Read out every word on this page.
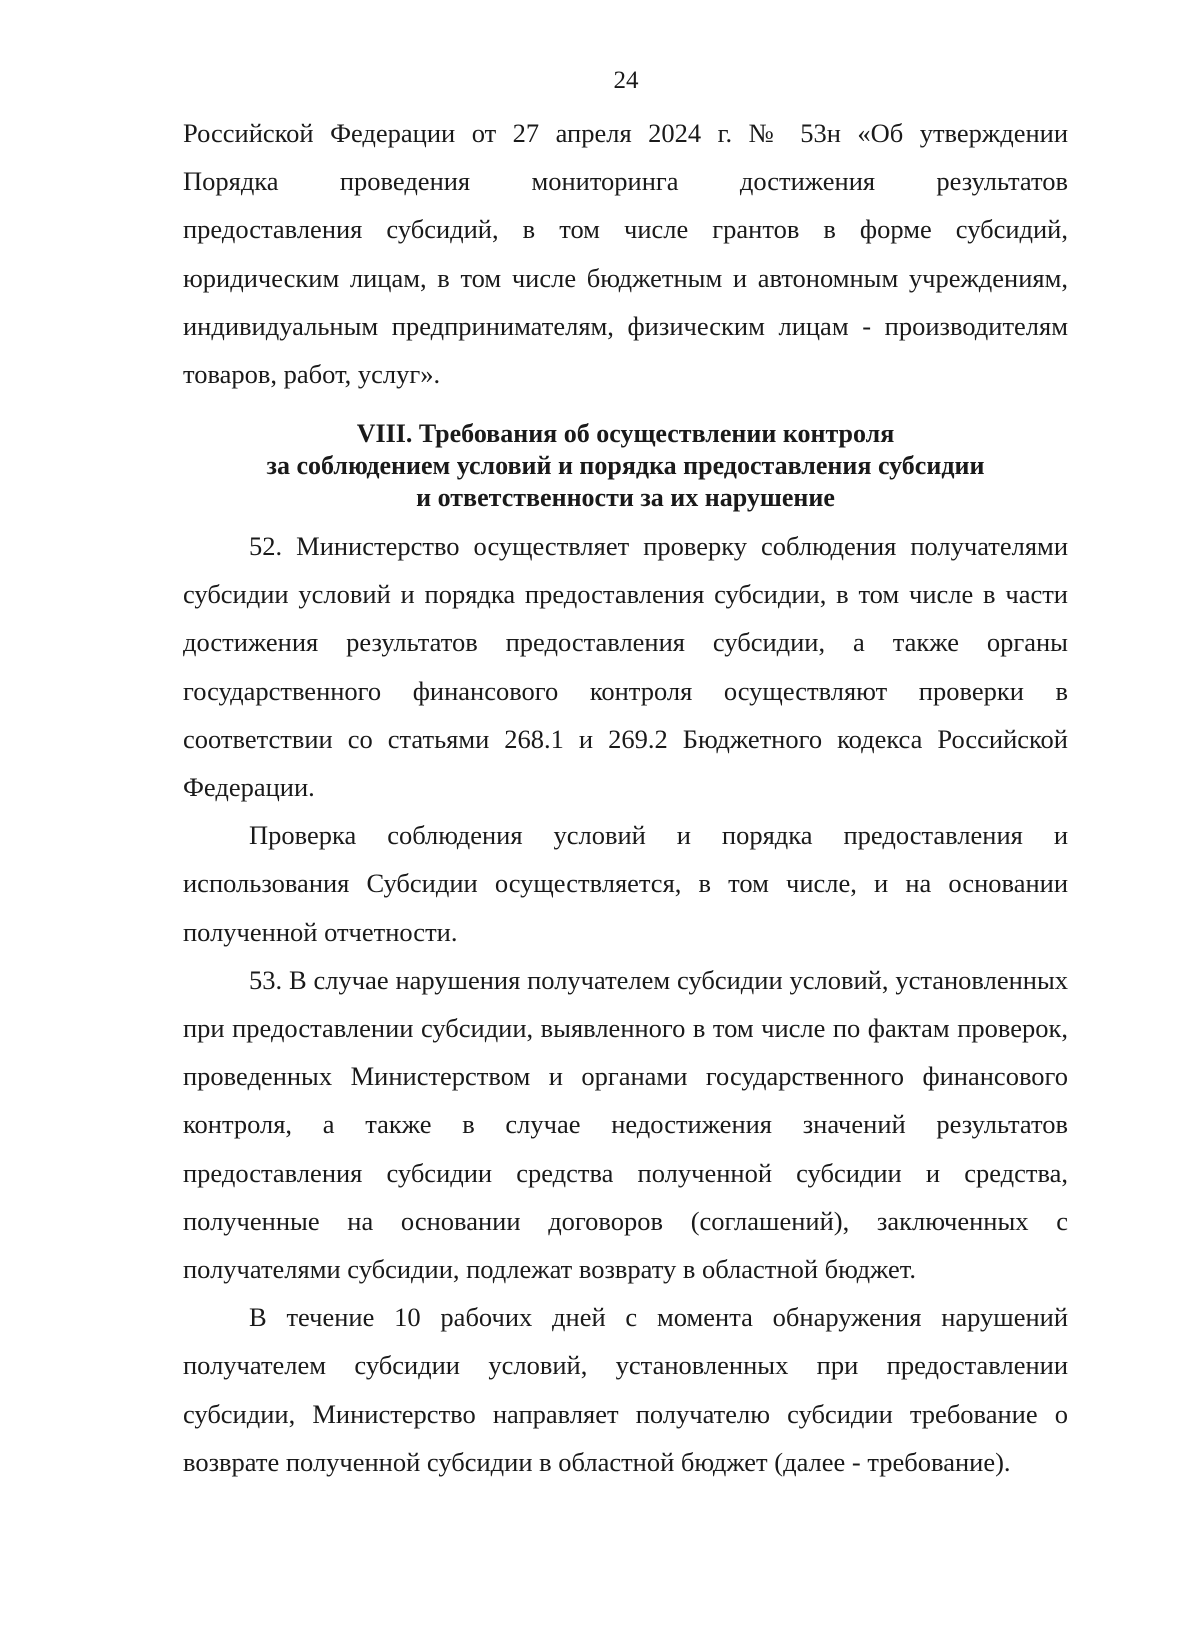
24
Российской Федерации от 27 апреля 2024 г. № 53н «Об утверждении
Порядка проведения мониторинга достижения результатов
предоставления субсидий, в том числе грантов в форме субсидий,
юридическим лицам, в том числе бюджетным и автономным учреждениям,
индивидуальным предпринимателям, физическим лицам - производителям
товаров, работ, услуг».
VIII. Требования об осуществлении контроля
за соблюдением условий и порядка предоставления субсидии
и ответственности за их нарушение

52. Министерство осуществляет проверку соблюдения получателями субсидии условий и порядка предоставления субсидии, в том числе в части достижения результатов предоставления субсидии, а также органы государственного финансового контроля осуществляют проверки в соответствии со статьями 268.1 и 269.2 Бюджетного кодекса Российской Федерации.

Проверка соблюдения условий и порядка предоставления и использования Субсидии осуществляется, в том числе, и на основании полученной отчетности.

53. В случае нарушения получателем субсидии условий, установленных при предоставлении субсидии, выявленного в том числе по фактам проверок, проведенных Министерством и органами государственного финансового контроля, а также в случае недостижения значений результатов предоставления субсидии средства полученной субсидии и средства, полученные на основании договоров (соглашений), заключенных с получателями субсидии, подлежат возврату в областной бюджет.

В течение 10 рабочих дней с момента обнаружения нарушений получателем субсидии условий, установленных при предоставлении субсидии, Министерство направляет получателю субсидии требование о возврате полученной субсидии в областной бюджет (далее - требование).
